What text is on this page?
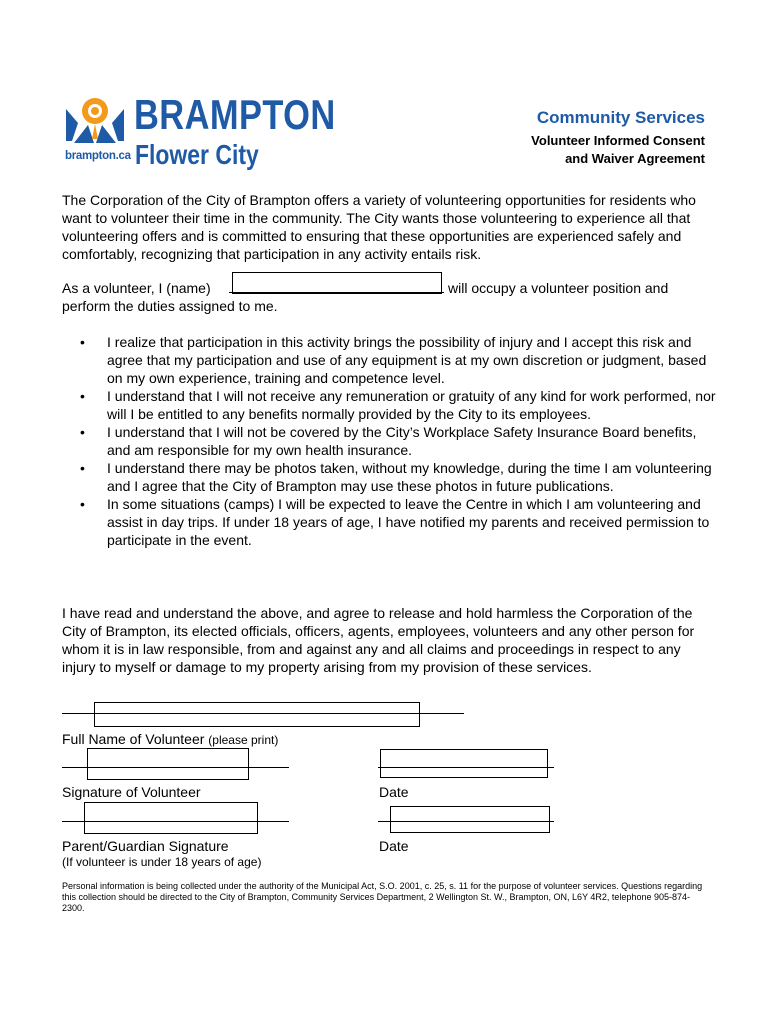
brampton.ca
BRAMPTON
Flower City
Community Services
Volunteer Informed Consent
and Waiver Agreement
The Corporation of the City of Brampton offers a variety of volunteering opportunities for residents who want to volunteer their time in the community. The City wants those volunteering to experience all that volunteering offers and is committed to ensuring that these opportunities are experienced safely and comfortably, recognizing that participation in any activity entails risk.
As a volunteer, I (name)	will occupy a volunteer position and
perform the duties assigned to me.
• I realize that participation in this activity brings the possibility of injury and I accept this risk and agree that my participation and use of any equipment is at my own discretion or judgment, based on my own experience, training and competence level.
• I understand that I will not receive any remuneration or gratuity of any kind for work performed, nor will I be entitled to any benefits normally provided by the City to its employees.
• I understand that I will not be covered by the City’s Workplace Safety Insurance Board benefits, and am responsible for my own health insurance.
• I understand there may be photos taken, without my knowledge, during the time I am volunteering and I agree that the City of Brampton may use these photos in future publications.
• In some situations (camps) I will be expected to leave the Centre in which I am volunteering and assist in day trips. If under 18 years of age, I have notified my parents and received permission to participate in the event.
I have read and understand the above, and agree to release and hold harmless the Corporation of the City of Brampton, its elected officials, officers, agents, employees, volunteers and any other person for whom it is in law responsible, from and against any and all claims and proceedings in respect to any injury to myself or damage to my property arising from my provision of these services.
Full Name of Volunteer (please print)
Signature of Volunteer	Date
Parent/Guardian Signature
(If volunteer is under 18 years of age)
Date
Personal information is being collected under the authority of the Municipal Act, S.O. 2001, c. 25, s. 11 for the purpose of volunteer services. Questions regarding this collection should be directed to the City of Brampton, Community Services Department, 2 Wellington St. W., Brampton, ON, L6Y 4R2, telephone 905-874-2300.
